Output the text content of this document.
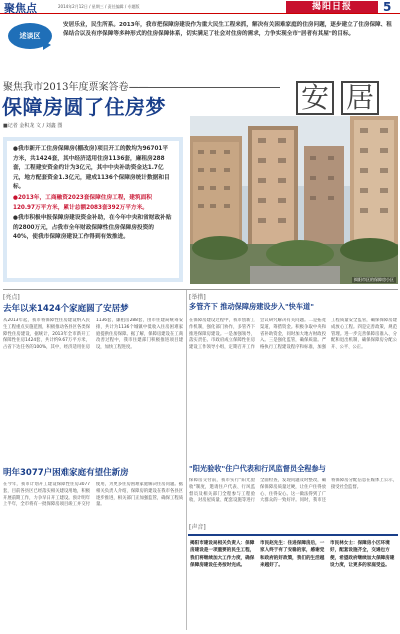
聚焦点	2014年2月12日 / 星期三 / 责任编辑 / 专题版	揭阳日报	5
述谈区
安居乐业，民生所系。2013年，我市把保障房建设作为重大民生工程来抓，解决有关困难家庭的住房问题，逐步建立了住房保障、租保结合以及有序保障等多种形式的住房保障体系，切实满足了社会对住房的需求，力争实现全市"居者有其屋"的目标。
聚焦我市2013年度票案答卷——
保障房圆了住房梦
■记者 金积龙 文 / 刘鑫 图
安 居
揭阳市区的保障房小区

●我市新开工住房保障房(棚改房)项目开工的数均为96701平方米，共1424套，其中经济适用住房1136套，廉租房288套，工程建安资金约计为3亿元，其中中央补助资金达1.7亿元，地方配套资金1.3亿元，建成1136个保障房统计数据和目标。

●2013年，工商融资2023套保障住房工程，建筑面积120.97万平方米，累计总额2083套392万平方米。

●我市积极申报保障房建设资金补助，在今年中央和省财政补贴的2800万元，占我市全年财政保障性住房保障房投资的40%，使我市保障房建设工作得到有效推进。

[亮点]
去年以来1424个家庭圆了安居梦
从2013年起，我市将保障性住房建设纳入民生工程重点实施范围，积极推动各县区各类保障性住房建设，据统计，2013年全市新开工保障性住房1424套，共计约9.67万平方米，占省下达任务的100%，其中，经济适用住房1136套，廉租房288套，由市住建局统筹安排，共计为1136个城镇中低收入住房困难家庭提供住房保障。据了解，保障房建设在工商改善过程中，我市住建部门积极推进项目建设，加快工程进度。
明年3077户困难家庭有望住新房
在今年，我市计划开工建设保障性住房3077套，目前各县区已经落实相关建设用地，积极开展前期工作，力争早日开工建设。预计明年上半年，全市将有一批保障房项目竣工并交付使用，为更多住房困难家庭解决住房问题。据相关负责人介绍，保障房的建设在我市各县区逐步推进，相关部门正加强监管，确保工程质量。
[举措]
多管齐下 推动保障房建设步入"快车道"
在保障房建设过程中，我市创新工作机制，强化部门协作，多管齐下推进保障房建设。一是加强领导，落实责任。市政府成立保障性住房建设工作领导小组，定期召开工作会议研究解决有关问题。二是拓宽渠道，筹措资金。积极争取中央和省补助资金，同时加大地方财政投入。三是强化监管，确保质量。严格执行工程建设程序和标准，加强工程质量安全监管，确保保障房建成放心工程。四是完善政策，规范管理。进一步完善保障房准入、分配和退出机制，确保保障房分配公开、公平、公正。
"阳光验收"住户代表和行风监督员全程参与
保障房交付前，我市实行"阳光验收"制度，邀请住户代表、行风监督员及相关部门全程参与工程验收，对房屋质量、配套设施等进行全面检查，发现问题及时整改，确保保障房质量过硬，让住户住得放心、住得安心。这一做法得到了广大群众的一致好评。同时，我市还将保障房分配信息在媒体上公示，接受社会监督。
[声音]
揭阳市建设局相关负责人：保障房建设是一项重要的民生工程，我们将继续加大工作力度，确保保障房建设任务按时完成。
市民赵先生：住进保障房后，一家人终于有了安稳的家，感谢党和政府的好政策，我们的生活越来越好了。
市民林女士：保障房小区环境好，配套设施齐全，交通也方便，希望政府继续加大保障房建设力度，让更多的家庭受益。
